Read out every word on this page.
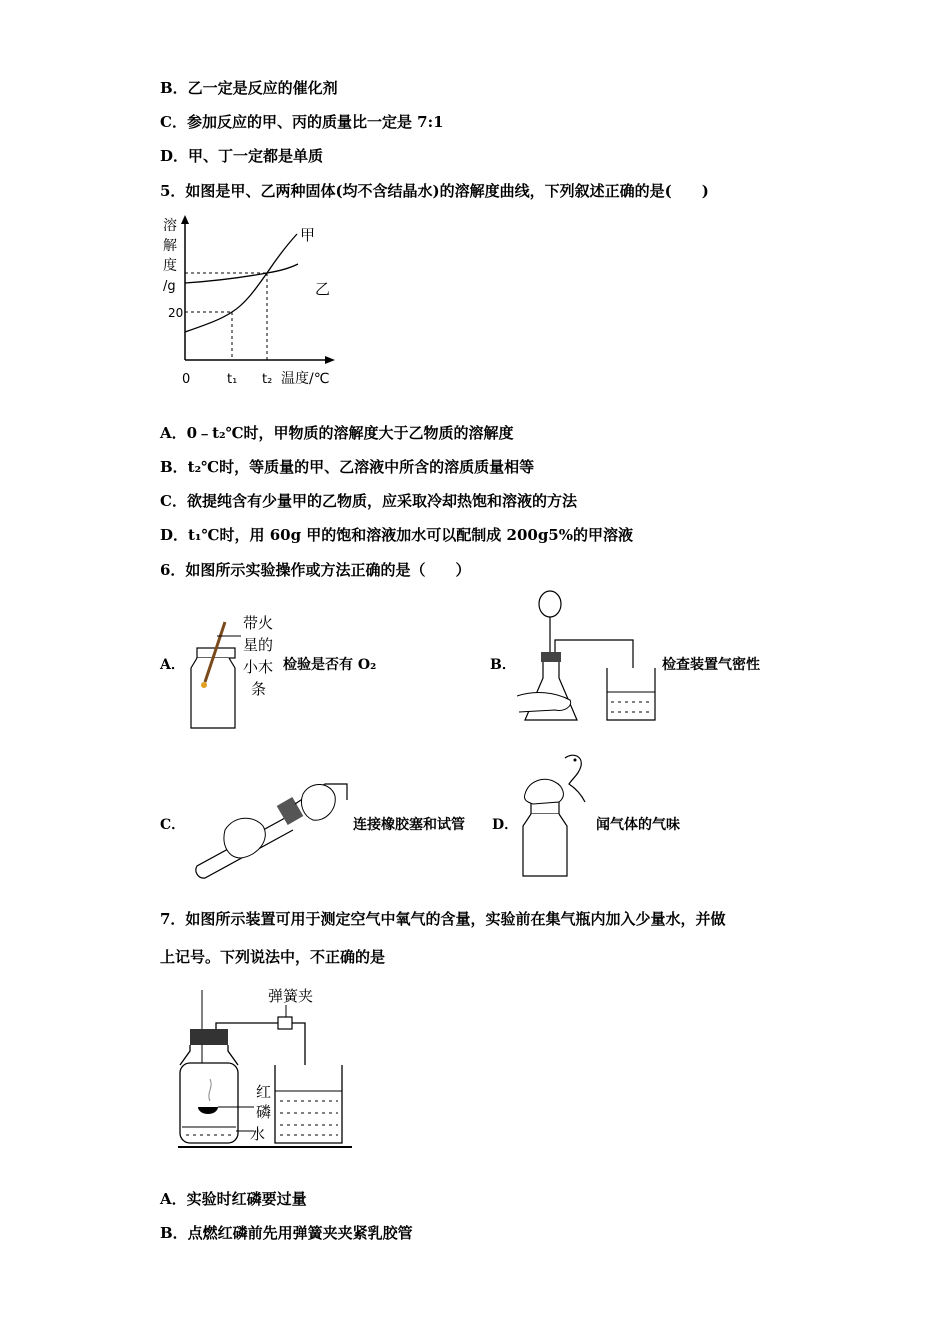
B．乙一定是反应的催化剂
C．参加反应的甲、丙的质量比一定是 7:1
D．甲、丁一定都是单质
5．如图是甲、乙两种固体(均不含结晶水)的溶解度曲线，下列叙述正确的是(　　)
溶
解
度
/g
20
0	t₁ t₂ 温度/℃
甲
乙
A．0﹣t₂℃时，甲物质的溶解度大于乙物质的溶解度
B．t₂℃时，等质量的甲、乙溶液中所含的溶质质量相等
C．欲提纯含有少量甲的乙物质，应采取冷却热饱和溶液的方法
D．t₁℃时，用 60g 甲的饱和溶液加水可以配制成 200g5%的甲溶液
6．如图所示实验操作或方法正确的是（　　）
A．
带火
星的
小木
条
检验是否有 O₂	B．	检查装置气密性
C．	连接橡胶塞和试管 D．	闻气体的气味
7．如图所示装置可用于测定空气中氧气的含量，实验前在集气瓶内加入少量水，并做
上记号。下列说法中，不正确的是
弹簧夹
红
磷
水
A．实验时红磷要过量
B．点燃红磷前先用弹簧夹夹紧乳胶管
